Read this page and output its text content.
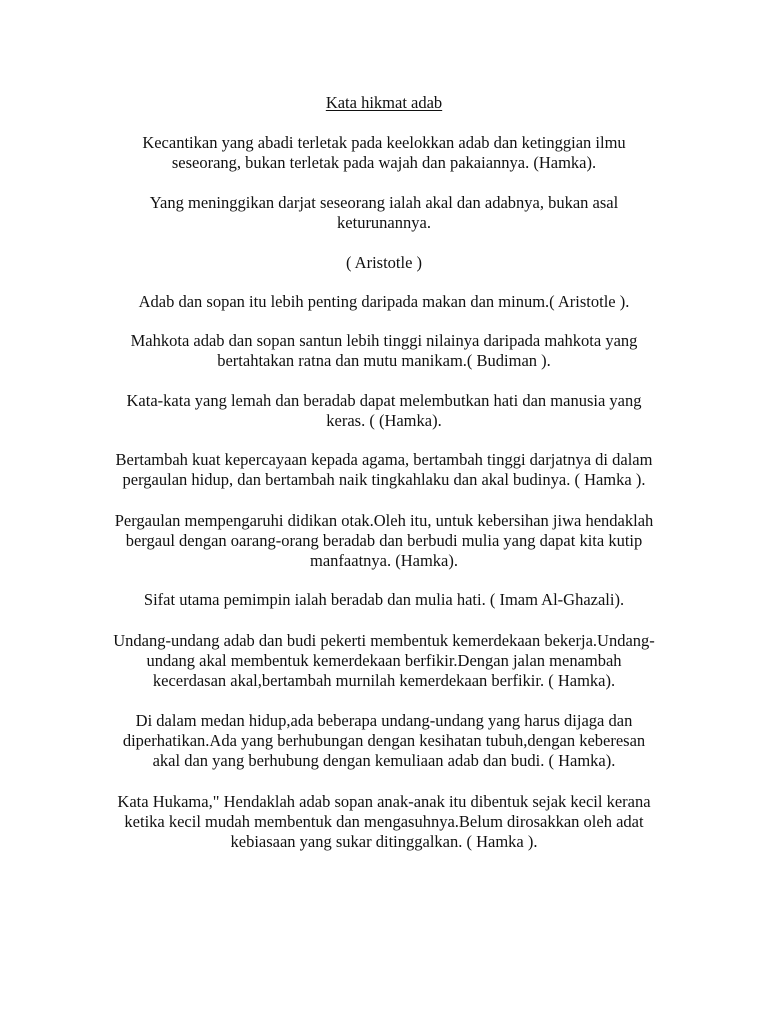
Kata hikmat adab

Kecantikan yang abadi terletak pada keelokkan adab dan ketinggian ilmu
seseorang, bukan terletak pada wajah dan pakaiannya. (Hamka).

Yang meninggikan darjat seseorang ialah akal dan adabnya, bukan asal
keturunannya.

( Aristotle )

Adab dan sopan itu lebih penting daripada makan dan minum.( Aristotle ).

Mahkota adab dan sopan santun lebih tinggi nilainya daripada mahkota yang
bertahtakan ratna dan mutu manikam.( Budiman ).

Kata-kata yang lemah dan beradab dapat melembutkan hati dan manusia yang
keras. ( (Hamka).

Bertambah kuat kepercayaan kepada agama, bertambah tinggi darjatnya di dalam
pergaulan hidup, dan bertambah naik tingkahlaku dan akal budinya. ( Hamka ).

Pergaulan mempengaruhi didikan otak.Oleh itu, untuk kebersihan jiwa hendaklah
bergaul dengan oarang-orang beradab dan berbudi mulia yang dapat kita kutip
manfaatnya. (Hamka).

Sifat utama pemimpin ialah beradab dan mulia hati. ( Imam Al-Ghazali).

Undang-undang adab dan budi pekerti membentuk kemerdekaan bekerja.Undang-
undang akal membentuk kemerdekaan berfikir.Dengan jalan menambah
kecerdasan akal,bertambah murnilah kemerdekaan berfikir. ( Hamka).

Di dalam medan hidup,ada beberapa undang-undang yang harus dijaga dan
diperhatikan.Ada yang berhubungan dengan kesihatan tubuh,dengan keberesan
akal dan yang berhubung dengan kemuliaan adab dan budi. ( Hamka).

Kata Hukama," Hendaklah adab sopan anak-anak itu dibentuk sejak kecil kerana
ketika kecil mudah membentuk dan mengasuhnya.Belum dirosakkan oleh adat
kebiasaan yang sukar ditinggalkan. ( Hamka ).
